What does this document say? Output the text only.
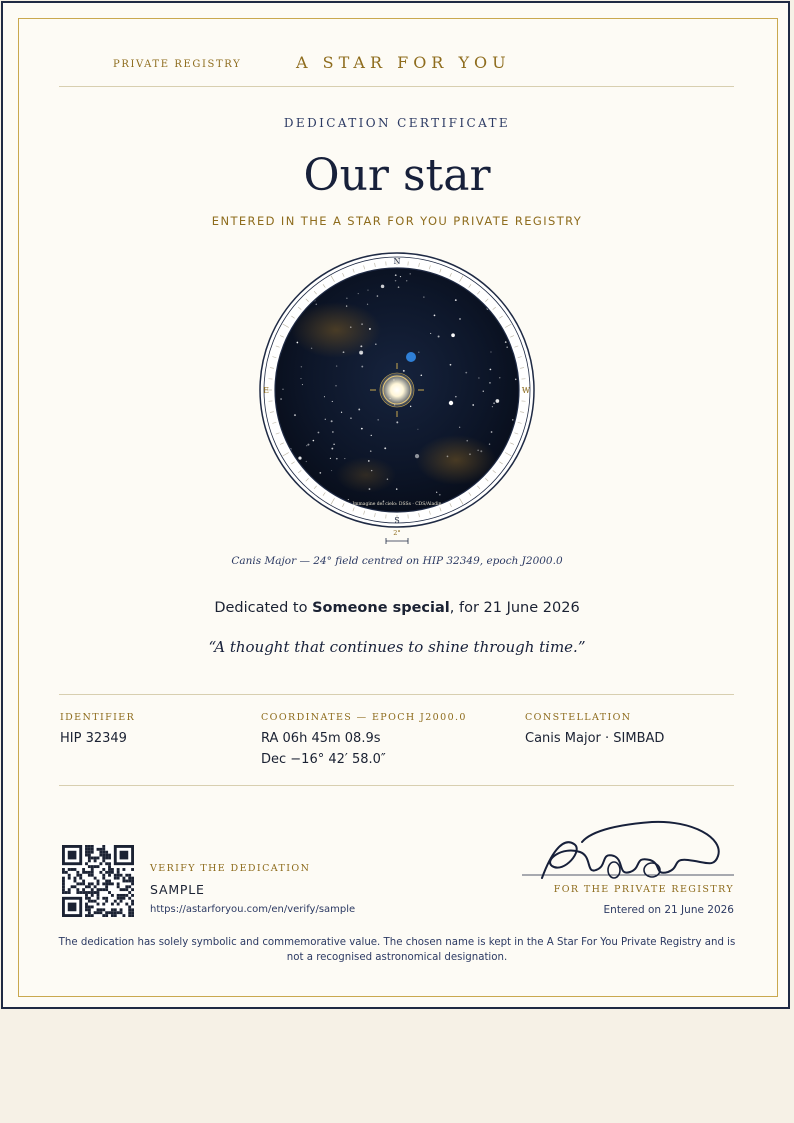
PRIVATE REGISTRY	A STAR FOR YOU
DEDICATION CERTIFICATE
Our star
ENTERED IN THE A STAR FOR YOU PRIVATE REGISTRY
N
E	W
S
Immagine del cielo: DSSs · CDS/Aladin
2°
Canis Major — 24° field centred on HIP 32349, epoch J2000.0
Dedicated to Someone special, for 21 June 2026
“A thought that continues to shine through time.”
IDENTIFIER
HIP 32349
COORDINATES — EPOCH J2000.0
RA 06h 45m 08.9s
Dec −16° 42′ 58.0″
CONSTELLATION
Canis Major · SIMBAD
VERIFY THE DEDICATION
SAMPLE
https://astarforyou.com/en/verify/sample
FOR THE PRIVATE REGISTRY
Entered on 21 June 2026
The dedication has solely symbolic and commemorative value. The chosen name is kept in the A Star For You Private Registry and is not a recognised astronomical designation.
